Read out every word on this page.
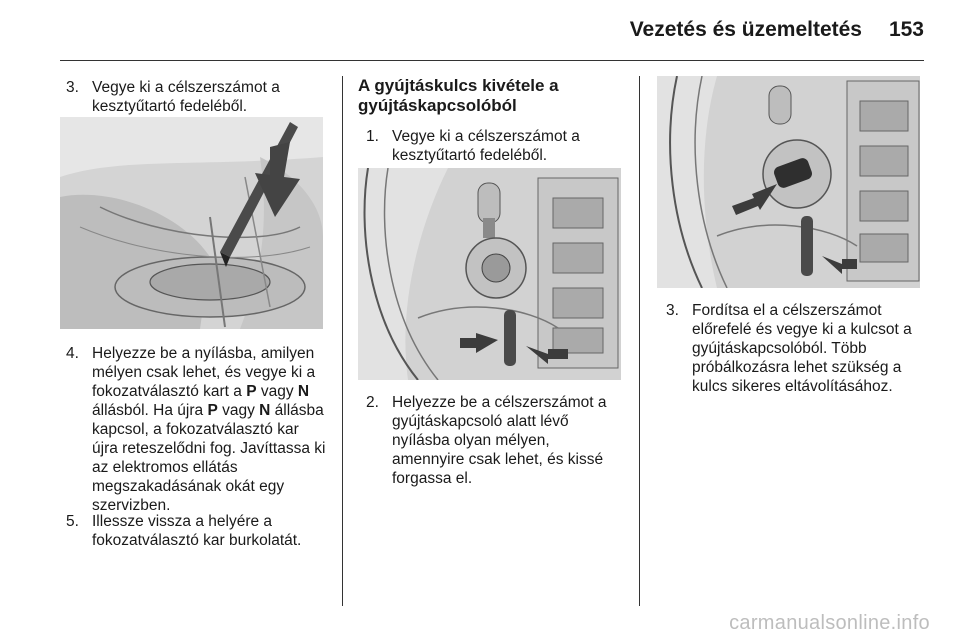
Vezetés és üzemeltetés	153
3. Vegye ki a célszerszámot a
kesztyűtartó fedeléből.
4. Helyezze be a nyílásba, amilyen
mélyen csak lehet, és vegye ki a
fokozatválasztó kart a P vagy N
állásból. Ha újra P vagy N állásba
kapcsol, a fokozatválasztó kar
újra reteszelődni fog. Javíttassa ki
az elektromos ellátás
megszakadásának okát egy
szervizben.
5. Illessze vissza a helyére a
fokozatválasztó kar burkolatát.
A gyújtáskulcs kivétele a
gyújtáskapcsolóból
1. Vegye ki a célszerszámot a
kesztyűtartó fedeléből.
2. Helyezze be a célszerszámot a
gyújtáskapcsoló alatt lévő
nyílásba olyan mélyen,
amennyire csak lehet, és kissé
forgassa el.
3. Fordítsa el a célszerszámot
előrefelé és vegye ki a kulcsot a
gyújtáskapcsolóból. Több
próbálkozásra lehet szükség a
kulcs sikeres eltávolításához.
carmanualsonline.info
